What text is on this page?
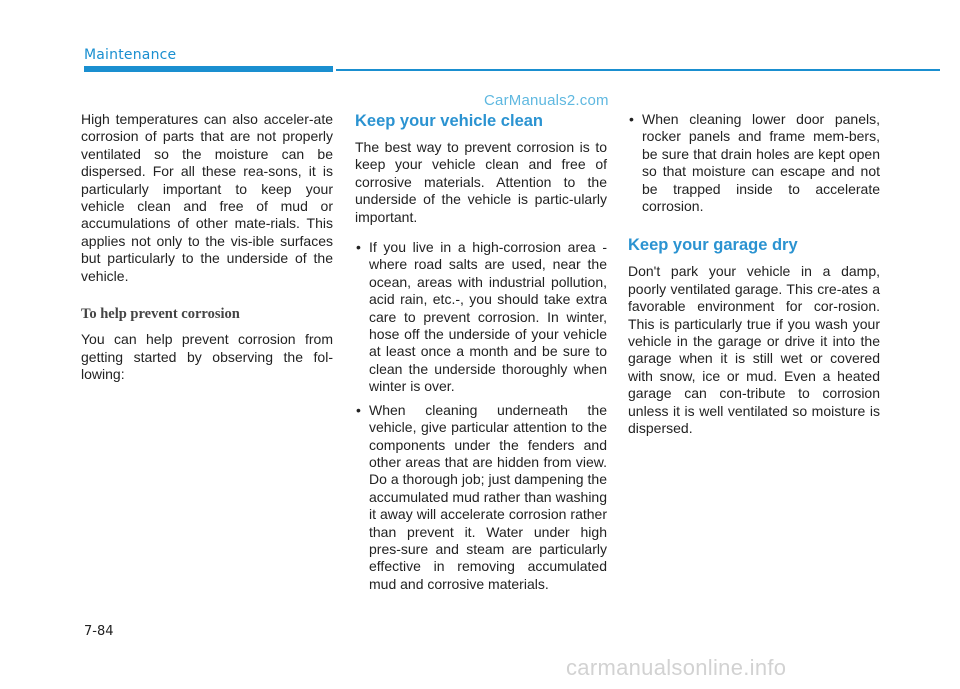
Maintenance
CarManuals2.com

High temperatures can also acceler-ate corrosion of parts that are not properly ventilated so the moisture can be dispersed. For all these rea-sons, it is particularly important to keep your vehicle clean and free of mud or accumulations of other mate-rials. This applies not only to the vis-ible surfaces but particularly to the underside of the vehicle.

To help prevent corrosion

You can help prevent corrosion from getting started by observing the fol-lowing:

Keep your vehicle clean

The best way to prevent corrosion is to keep your vehicle clean and free of corrosive materials. Attention to the underside of the vehicle is partic-ularly important.

• If you live in a high-corrosion area - where road salts are used, near the ocean, areas with industrial pollution, acid rain, etc.-, you should take extra care to prevent corrosion. In winter, hose off the underside of your vehicle at least once a month and be sure to clean the underside thoroughly when winter is over.
• When cleaning underneath the vehicle, give particular attention to the components under the fenders and other areas that are hidden from view. Do a thorough job; just dampening the accumulated mud rather than washing it away will accelerate corrosion rather than prevent it. Water under high pres-sure and steam are particularly effective in removing accumulated mud and corrosive materials.
• When cleaning lower door panels, rocker panels and frame mem-bers, be sure that drain holes are kept open so that moisture can escape and not be trapped inside to accelerate corrosion.
Keep your garage dry

Don't park your vehicle in a damp, poorly ventilated garage. This cre-ates a favorable environment for cor-rosion. This is particularly true if you wash your vehicle in the garage or drive it into the garage when it is still wet or covered with snow, ice or mud. Even a heated garage can con-tribute to corrosion unless it is well ventilated so moisture is dispersed.

7-84
carmanualsonline.info
